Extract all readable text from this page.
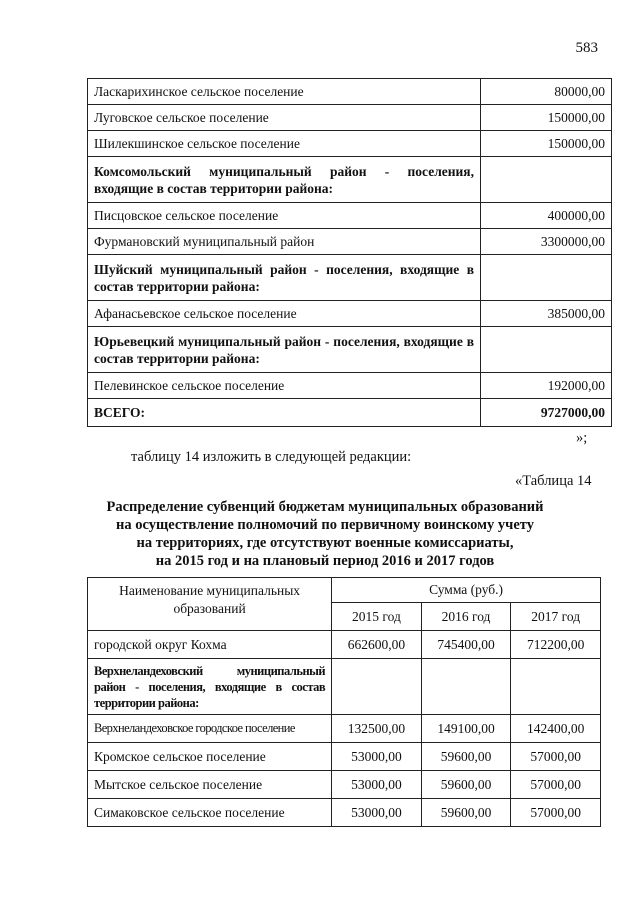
583
Ласкарихинское сельское поселение	80000,00
Луговское сельское поселение	150000,00
Шилекшинское сельское поселение	150000,00
Комсомольский муниципальный район - поселения, входящие в состав территории района:	
Писцовское сельское поселение	400000,00
Фурмановский муниципальный район	3300000,00
Шуйский муниципальный район - поселения, входящие в состав территории района:	
Афанасьевское сельское поселение	385000,00
Юрьевецкий муниципальный район - поселения, входящие в состав территории района:	
Пелевинское сельское поселение	192000,00
ВСЕГО:	9727000,00
»;
таблицу 14 изложить в следующей редакции:
«Таблица 14
Распределение субвенций бюджетам муниципальных образований
на осуществление полномочий по первичному воинскому учету
на территориях, где отсутствуют военные комиссариаты,
на 2015 год и на плановый период 2016 и 2017 годов
Наименование муниципальных образований	Сумма (руб.)		
	2015 год	2016 год	2017 год
городской округ Кохма	662600,00	745400,00	712200,00
Верхнеландеховский муниципальный район - поселения, входящие в состав территории района:			
Верхнеландеховское городское поселение	132500,00	149100,00	142400,00
Кромское сельское поселение	53000,00	59600,00	57000,00
Мытское сельское поселение	53000,00	59600,00	57000,00
Симаковское сельское поселение	53000,00	59600,00	57000,00
